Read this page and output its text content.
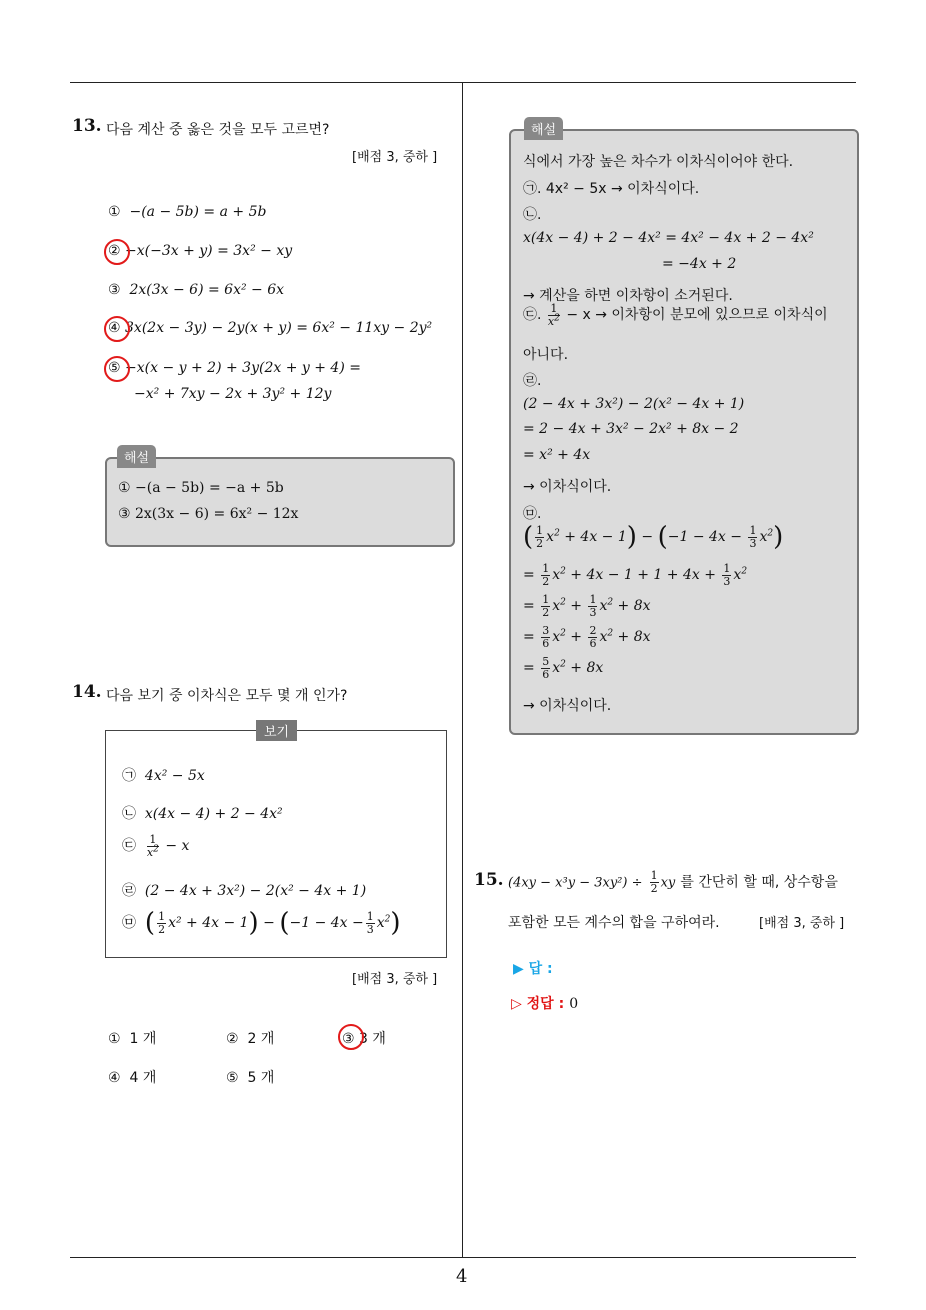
4
13. 다음 계산 중 옳은 것을 모두 고르면?
[배점 3, 중하 ]
① −(a − 5b) = a + 5b
② −x(−3x + y) = 3x² − xy
③ 2x(3x − 6) = 6x² − 6x
④ 3x(2x − 3y) − 2y(x + y) = 6x² − 11xy − 2y²
⑤ −x(x − y + 2) + 3y(2x + y + 4) =
−x² + 7xy − 2x + 3y² + 12y
해설
① −(a − 5b) = −a + 5b
③ 2x(3x − 6) = 6x² − 12x
14. 다음 보기 중 이차식은 모두 몇 개 인가?
보기
㉠ 4x² − 5x
㉡ x(4x − 4) + 2 − 4x²
㉢ $\frac{1}{x^2} - x$
㉣ (2 − 4x + 3x²) − 2(x² − 4x + 1)
㉤ ( $\frac{1}{2} x^2 + 4x - 1) - (-1 - 4x - \frac{1}{3} x^2)$
[배점 3, 중하 ]
① 1 개	② 2 개	③ 3 개
④ 4 개	⑤ 5 개
해설
식에서 가장 높은 차수가 이차식이어야 한다.
㉠. 4x² − 5x → 이차식이다.
㉡.
x(4x − 4) + 2 − 4x² = 4x² − 4x + 2 − 4x²
= −4x + 2
→ 계산을 하면 이차항이 소거된다.
㉢. $\frac{1}{x^2} - x$ → 이차항이 분모에 있으므로 이차식이
아니다.
㉣.
(2 − 4x + 3x²) − 2(x² − 4x + 1)
= 2 − 4x + 3x² − 2x² + 8x − 2
= x² + 4x
→ 이차식이다.
㉤.
( $\frac{1}{2} x^2 + 4x - 1) - (-1 - 4x - \frac{1}{3} x^2)$
= $\frac{1}{2} x^2 + 4x - 1 + 1 + 4x + \frac{1}{3} x^2$
= $\frac{1}{2} x^2 + \frac{1}{3} x^2 + 8x$
= $\frac{3}{6} x^2 + \frac{2}{6} x^2 + 8x$
= $\frac{5}{6} x^2 + 8x$
→ 이차식이다.
15. $(4xy - x^3y - 3xy^2) \div \frac{1}{2}$ xy 를 간단히 할 때, 상수항을
포함한 모든 계수의 합을 구하여라.	[배점 3, 중하 ]
▶ 답 :
▷ 정답 : 0
